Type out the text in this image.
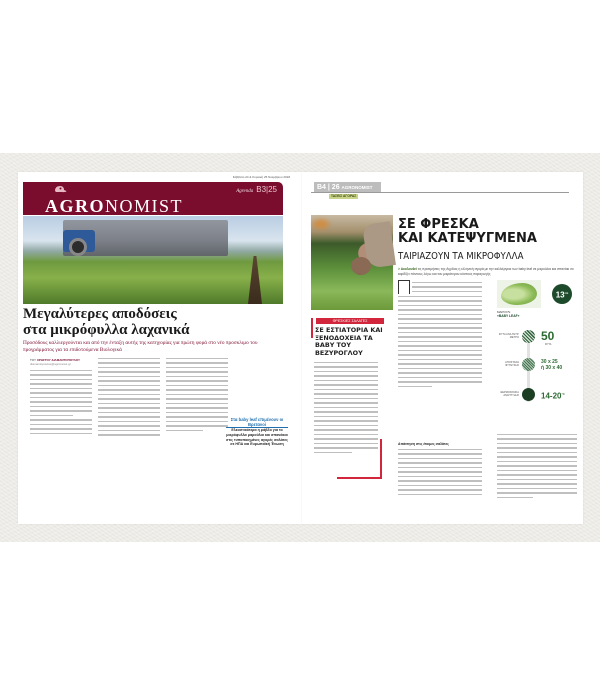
Σάββατο 24 & Κυριακή 25 Νοεμβρίου 2018
Agrenda B3|25
AGRONOMIST
Μεγαλύτερες αποδόσεις
στα μικρόφυλλα λαχανικά
Προσόδους καλλιεργούνται και από την ένταξη αυτής της κατηγορίας για πρώτη φορά στο νέο προσκλιμο του προγράμματος για τα επιδοτούμενα Βιολογικά
ΤΟΥ ΧΡΗΣΤΟΥ ΔΙΑΜΑΝΤΟΠΟΥΛΟΥ
diamantopoulos@agronews.gr
Στα baby leaf επιμένουν οι Βρετανοί
Ελκυστικότερα η ράβδο για το μικρόφυλλα μαρούλια και σπανάκια στις τυποποιημένες αγορές σαλάτες σε ΗΠΑ και Ευρωπαϊκή Ένωση
B4 | 26 AGRONOMIST
ΤΑΣΕΙΣ ΑΓΟΡΑΣ
ΣΕ ΦΡΕΣΚΑ
ΚΑΙ ΚΑΤΕΨΥΓΜΕΝΑ
ΤΑΙΡΙΑΖΟΥΝ ΤΑ ΜΙΚΡΟΦΥΛΛΑ
> Ακολουθεί τις προτιμήσεις της Αγγλίας η ελληνική αγορά με την καλλιέργεια των baby leaf σε μαρούλια και σπανάκι να καρδίζει πόντους λόγω και του μικρότερου κόστους παραγωγής
Απάντηση στις έτοιμες σαλάτες
ΦΡΕΣΚΙΕΣ ΣΑΛΑΤΕΣ
ΣΕ ΕΣΤΙΑΤΟΡΙΑ ΚΑΙ ΞΕΝΟΔΟΧΕΙΑ ΤΑ ΒΑΒΥ ΤΟΥ ΒΕΖΥΡΟΓΛΟΥ
$13^{cm}$
ΜΑΡΟΥΛΙ
«BABY LEAF»
ΦΥΤΑ ΑΝΑ ΤΕΤΡ. ΜΕΤΡΟ 50
ΦΥΤΑ
ΑΠΟΣΤΑΣΗ ΦΥΤΕΥΣΗΣ
30 x 25
ή 30 x 40
ΘΕΡΜΟΚΡΑΣΙΑ ΑΝΑΠΤΥΞΗΣ	$14-20^{^\circ C}$
